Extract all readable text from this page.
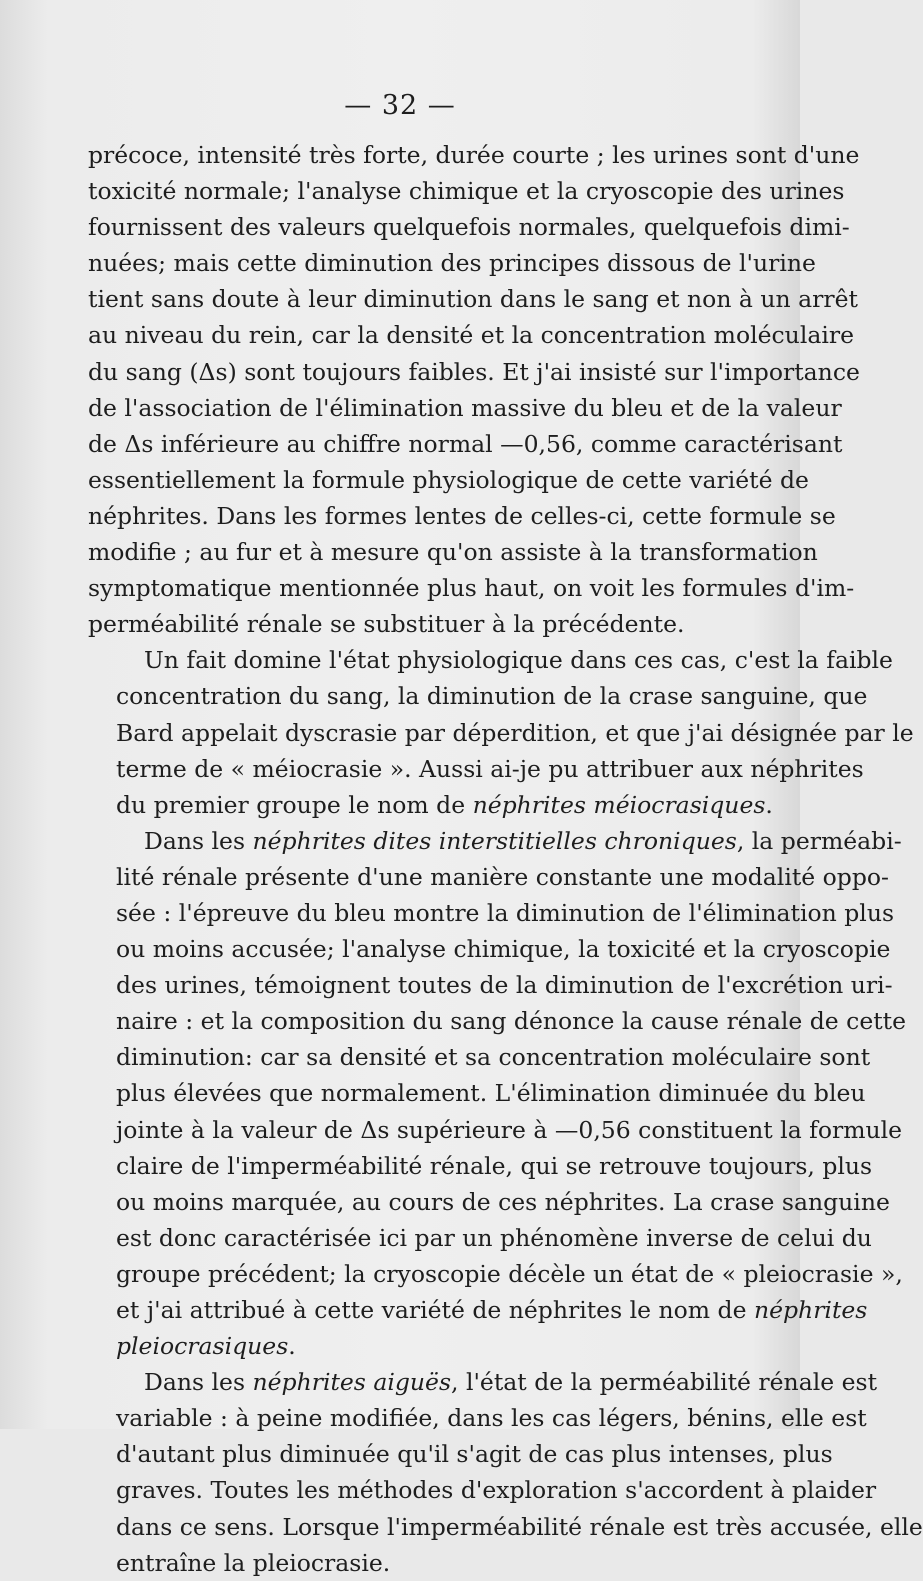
— 32 —
précoce, intensité très forte, durée courte ; les urines sont d'une
toxicité normale; l'analyse chimique et la cryoscopie des urines
fournissent des valeurs quelquefois normales, quelquefois dimi-
nuées; mais cette diminution des principes dissous de l'urine
tient sans doute à leur diminution dans le sang et non à un arrêt
au niveau du rein, car la densité et la concentration moléculaire
du sang (Δs) sont toujours faibles. Et j'ai insisté sur l'importance
de l'association de l'élimination massive du bleu et de la valeur
de Δs inférieure au chiffre normal —0,56, comme caractérisant
essentiellement la formule physiologique de cette variété de
néphrites. Dans les formes lentes de celles-ci, cette formule se
modifie ; au fur et à mesure qu'on assiste à la transformation
symptomatique mentionnée plus haut, on voit les formules d'im-
perméabilité rénale se substituer à la précédente.
Un fait domine l'état physiologique dans ces cas, c'est la faible
concentration du sang, la diminution de la crase sanguine, que
Bard appelait dyscrasie par déperdition, et que j'ai désignée par le
terme de « méiocrasie ». Aussi ai-je pu attribuer aux néphrites
du premier groupe le nom de néphrites méiocrasiques.
Dans les néphrites dites interstitielles chroniques, la perméabi-
lité rénale présente d'une manière constante une modalité oppo-
sée : l'épreuve du bleu montre la diminution de l'élimination plus
ou moins accusée; l'analyse chimique, la toxicité et la cryoscopie
des urines, témoignent toutes de la diminution de l'excrétion uri-
naire : et la composition du sang dénonce la cause rénale de cette
diminution: car sa densité et sa concentration moléculaire sont
plus élevées que normalement. L'élimination diminuée du bleu
jointe à la valeur de Δs supérieure à —0,56 constituent la formule
claire de l'imperméabilité rénale, qui se retrouve toujours, plus
ou moins marquée, au cours de ces néphrites. La crase sanguine
est donc caractérisée ici par un phénomène inverse de celui du
groupe précédent; la cryoscopie décèle un état de « pleiocrasie »,
et j'ai attribué à cette variété de néphrites le nom de néphrites
pleiocrasiques.
Dans les néphrites aiguës, l'état de la perméabilité rénale est
variable : à peine modifiée, dans les cas légers, bénins, elle est
d'autant plus diminuée qu'il s'agit de cas plus intenses, plus
graves. Toutes les méthodes d'exploration s'accordent à plaider
dans ce sens. Lorsque l'imperméabilité rénale est très accusée, elle
entraîne la pleiocrasie.
